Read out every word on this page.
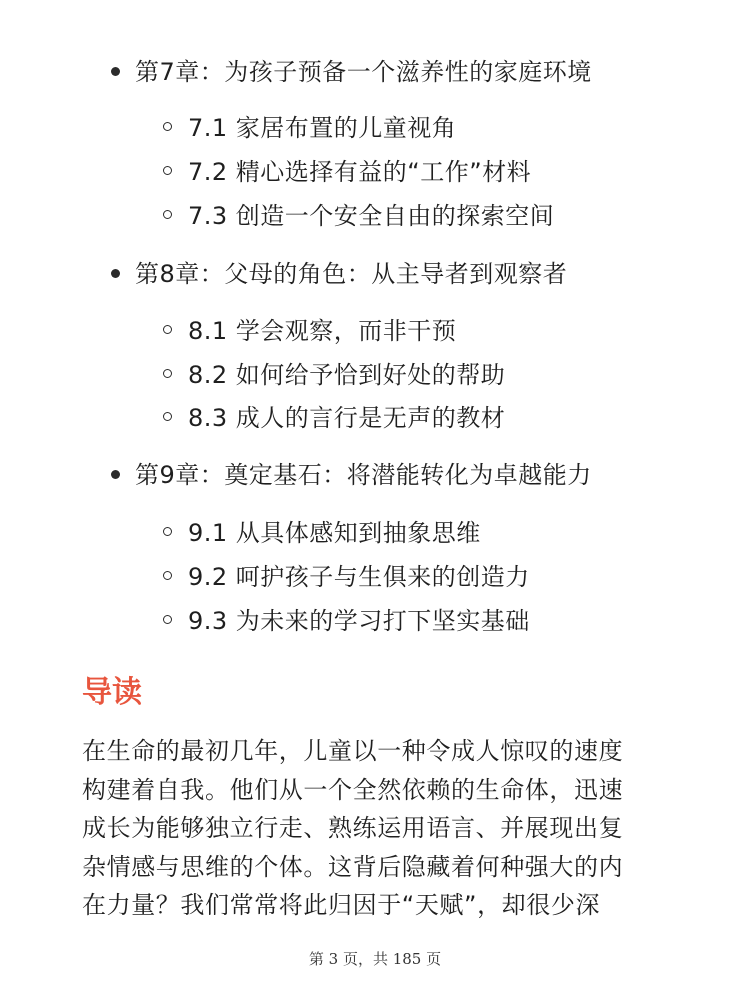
第7章：为孩子预备一个滋养性的家庭环境
7.1 家居布置的儿童视角
7.2 精心选择有益的“工作”材料
7.3 创造一个安全自由的探索空间
第8章：父母的角色：从主导者到观察者
8.1 学会观察，而非干预
8.2 如何给予恰到好处的帮助
8.3 成人的言行是无声的教材
第9章：奠定基石：将潜能转化为卓越能力
9.1 从具体感知到抽象思维
9.2 呵护孩子与生俱来的创造力
9.3 为未来的学习打下坚实基础
导读
在生命的最初几年，儿童以一种令成人惊叹的速度
构建着自我。他们从一个全然依赖的生命体，迅速
成长为能够独立行走、熟练运用语言、并展现出复
杂情感与思维的个体。这背后隐藏着何种强大的内
在力量？我们常常将此归因于“天赋”，却很少深
第 3 页，共 185 页
